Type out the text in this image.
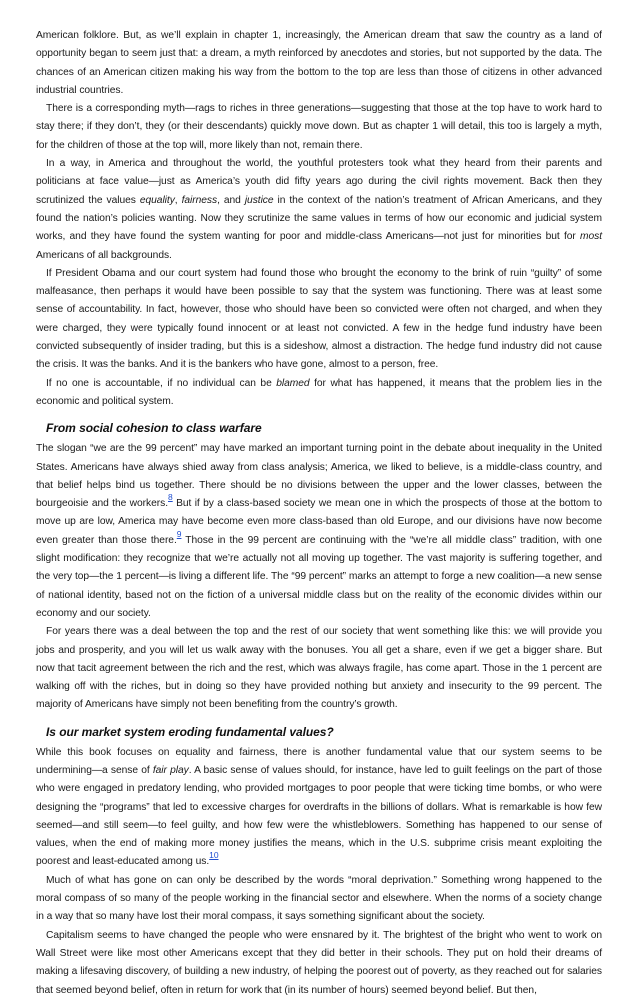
American folklore. But, as we’ll explain in chapter 1, increasingly, the American dream that saw the country as a land of opportunity began to seem just that: a dream, a myth reinforced by anecdotes and stories, but not supported by the data. The chances of an American citizen making his way from the bottom to the top are less than those of citizens in other advanced industrial countries.

There is a corresponding myth—rags to riches in three generations—suggesting that those at the top have to work hard to stay there; if they don’t, they (or their descendants) quickly move down. But as chapter 1 will detail, this too is largely a myth, for the children of those at the top will, more likely than not, remain there.

In a way, in America and throughout the world, the youthful protesters took what they heard from their parents and politicians at face value—just as America’s youth did fifty years ago during the civil rights movement. Back then they scrutinized the values equality, fairness, and justice in the context of the nation’s treatment of African Americans, and they found the nation’s policies wanting. Now they scrutinize the same values in terms of how our economic and judicial system works, and they have found the system wanting for poor and middle-class Americans—not just for minorities but for most Americans of all backgrounds.

If President Obama and our court system had found those who brought the economy to the brink of ruin “guilty” of some malfeasance, then perhaps it would have been possible to say that the system was functioning. There was at least some sense of accountability. In fact, however, those who should have been so convicted were often not charged, and when they were charged, they were typically found innocent or at least not convicted. A few in the hedge fund industry have been convicted subsequently of insider trading, but this is a sideshow, almost a distraction. The hedge fund industry did not cause the crisis. It was the banks. And it is the bankers who have gone, almost to a person, free.

If no one is accountable, if no individual can be blamed for what has happened, it means that the problem lies in the economic and political system.

From social cohesion to class warfare

The slogan “we are the 99 percent” may have marked an important turning point in the debate about inequality in the United States. Americans have always shied away from class analysis; America, we liked to believe, is a middle-class country, and that belief helps bind us together. There should be no divisions between the upper and the lower classes, between the bourgeoisie and the workers.$^8$ But if by a class-based society we mean one in which the prospects of those at the bottom to move up are low, America may have become even more class-based than old Europe, and our divisions have now become even greater than those there.$^9$ Those in the 99 percent are continuing with the “we’re all middle class” tradition, with one slight modification: they recognize that we’re actually not all moving up together. The vast majority is suffering together, and the very top—the 1 percent—is living a different life. The “99 percent” marks an attempt to forge a new coalition—a new sense of national identity, based not on the fiction of a universal middle class but on the reality of the economic divides within our economy and our society.

For years there was a deal between the top and the rest of our society that went something like this: we will provide you jobs and prosperity, and you will let us walk away with the bonuses. You all get a share, even if we get a bigger share. But now that tacit agreement between the rich and the rest, which was always fragile, has come apart. Those in the 1 percent are walking off with the riches, but in doing so they have provided nothing but anxiety and insecurity to the 99 percent. The majority of Americans have simply not been benefiting from the country’s growth.

Is our market system eroding fundamental values?

While this book focuses on equality and fairness, there is another fundamental value that our system seems to be undermining—a sense of fair play. A basic sense of values should, for instance, have led to guilt feelings on the part of those who were engaged in predatory lending, who provided mortgages to poor people that were ticking time bombs, or who were designing the “programs” that led to excessive charges for overdrafts in the billions of dollars. What is remarkable is how few seemed—and still seem—to feel guilty, and how few were the whistleblowers. Something has happened to our sense of values, when the end of making more money justifies the means, which in the U.S. subprime crisis meant exploiting the poorest and least-educated among us.$^{10}$

Much of what has gone on can only be described by the words “moral deprivation.” Something wrong happened to the moral compass of so many of the people working in the financial sector and elsewhere. When the norms of a society change in a way that so many have lost their moral compass, it says something significant about the society.

Capitalism seems to have changed the people who were ensnared by it. The brightest of the bright who went to work on Wall Street were like most other Americans except that they did better in their schools. They put on hold their dreams of making a lifesaving discovery, of building a new industry, of helping the poorest out of poverty, as they reached out for salaries that seemed beyond belief, often in return for work that (in its number of hours) seemed beyond belief. But then,
